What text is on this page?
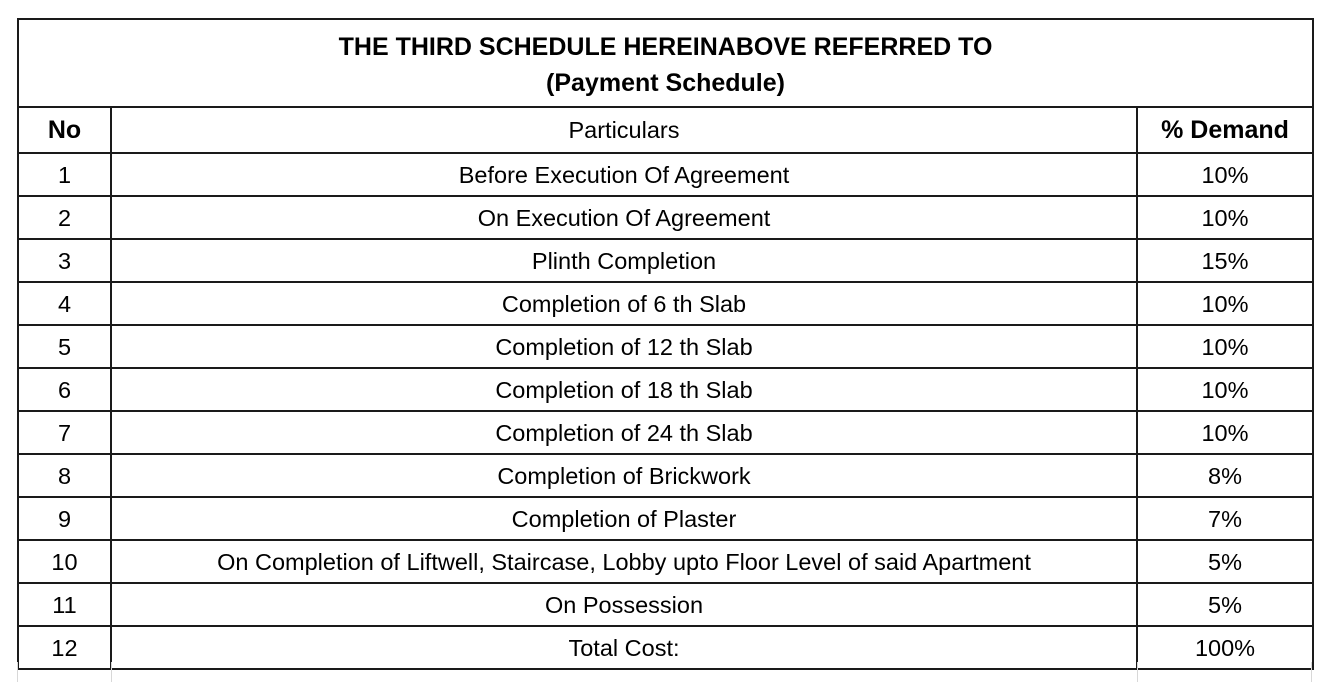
THE THIRD SCHEDULE HEREINABOVE REFERRED TO
(Payment Schedule)		

No	Particulars	% Demand
1	Before Execution Of Agreement	10%
2	On Execution Of Agreement	10%
3	Plinth Completion	15%
4	Completion of 6 th Slab	10%
5	Completion of 12 th Slab	10%
6	Completion of 18 th Slab	10%
7	Completion of 24 th Slab	10%
8	Completion of Brickwork	8%
9	Completion of Plaster	7%
10	On Completion of Liftwell, Staircase, Lobby upto Floor Level of said Apartment	5%
11	On Possession	5%
12	Total Cost:	100%
